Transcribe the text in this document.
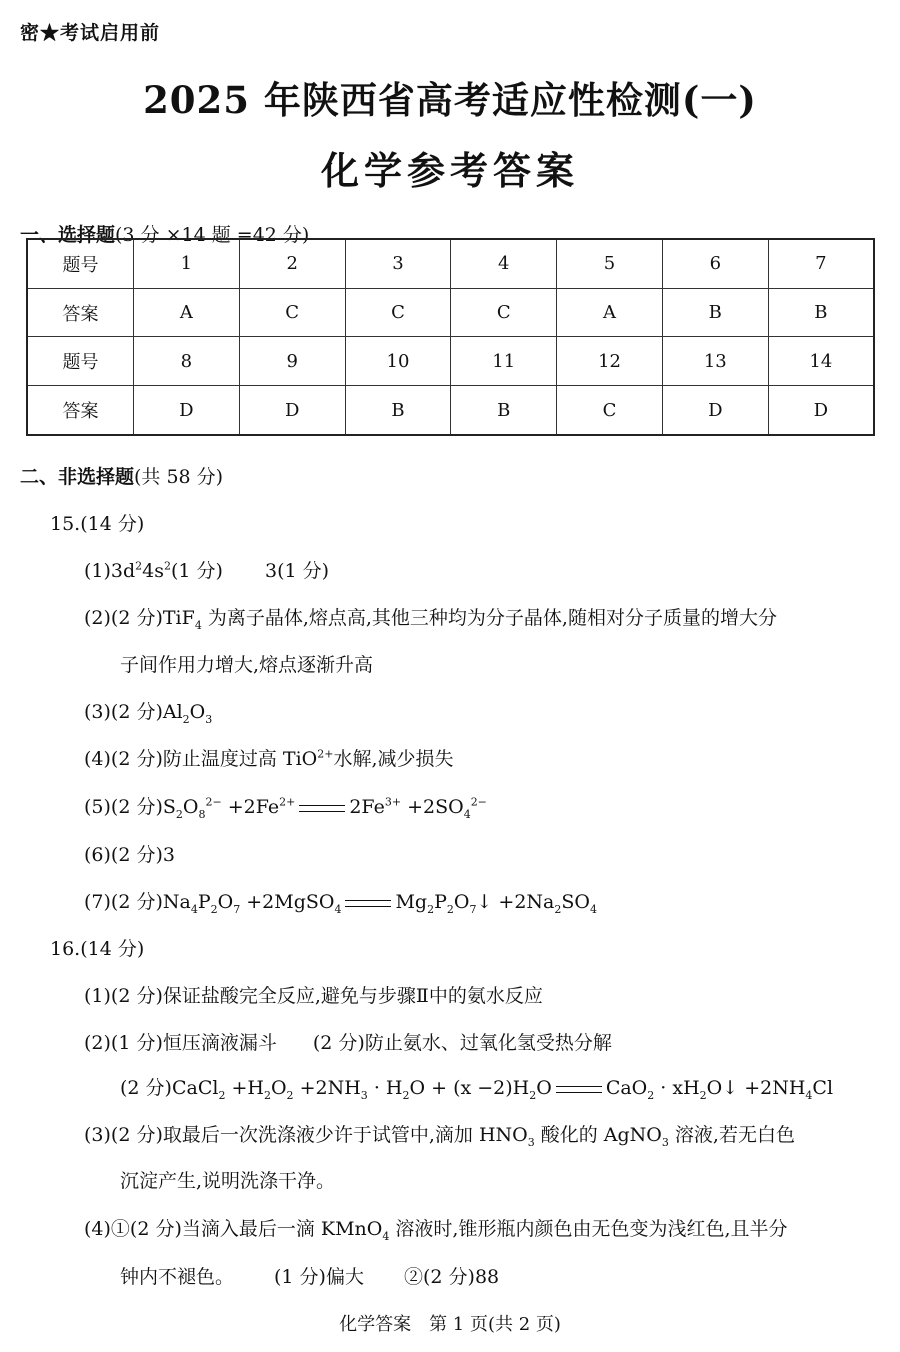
密★考试启用前
2025 年陕西省高考适应性检测(一)
化学参考答案
一、选择题(3 分 ×14 题 =42 分)
题号	1	2	3	4	5	6	7
答案	A	C	C	C	A	B	B
题号	8	9	10	11	12	13	14
答案	D	D	B	B	C	D	D
二、非选择题(共 58 分)
15.(14 分)
$(1)3d^24s^2(1$ 分) 3(1 分)
(2)(2 分)TiF$_4$ 为离子晶体,熔点高,其他三种均为分子晶体,随相对分子质量的增大分
子间作用力增大,熔点逐渐升高
(3)(2 分)$Al_2O_3$
(4)(2 分)防止温度过高 TiO$^{2+}$水解,减少损失
(5)(2 分)$S_2O_8^{2-} +2Fe^{2+}$	$2Fe^{3+} +2SO_4^{2-}$
(6)(2 分)3
(7)(2 分)$Na_4P_2O_7$ +2MgSO$_4$	$Mg_2P_2O_7↓ +2Na_2SO_4$
16.(14 分)
(1)(2 分)保证盐酸完全反应,避免与步骤Ⅱ中的氨水反应
(2)(1 分)恒压滴液漏斗 (2 分)防止氨水、过氧化氢受热分解
(2 分)CaCl$_2$ $+H_2O_2 +2NH_3 \cdot H_2O + (x -2)H_2O$	$CaO_2 \cdot xH_2O↓ +2NH_4Cl$
(3)(2 分)取最后一次洗涤液少许于试管中,滴加 $HNO_3$ 酸化的 AgNO$_3$ 溶液,若无白色
沉淀产生,说明洗涤干净。
(4)①(2 分)当滴入最后一滴 KMnO$_4$ 溶液时,锥形瓶内颜色由无色变为浅红色,且半分
钟内不褪色。 (1 分)偏大 ②(2 分)88
化学答案　第 1 页(共 2 页)
